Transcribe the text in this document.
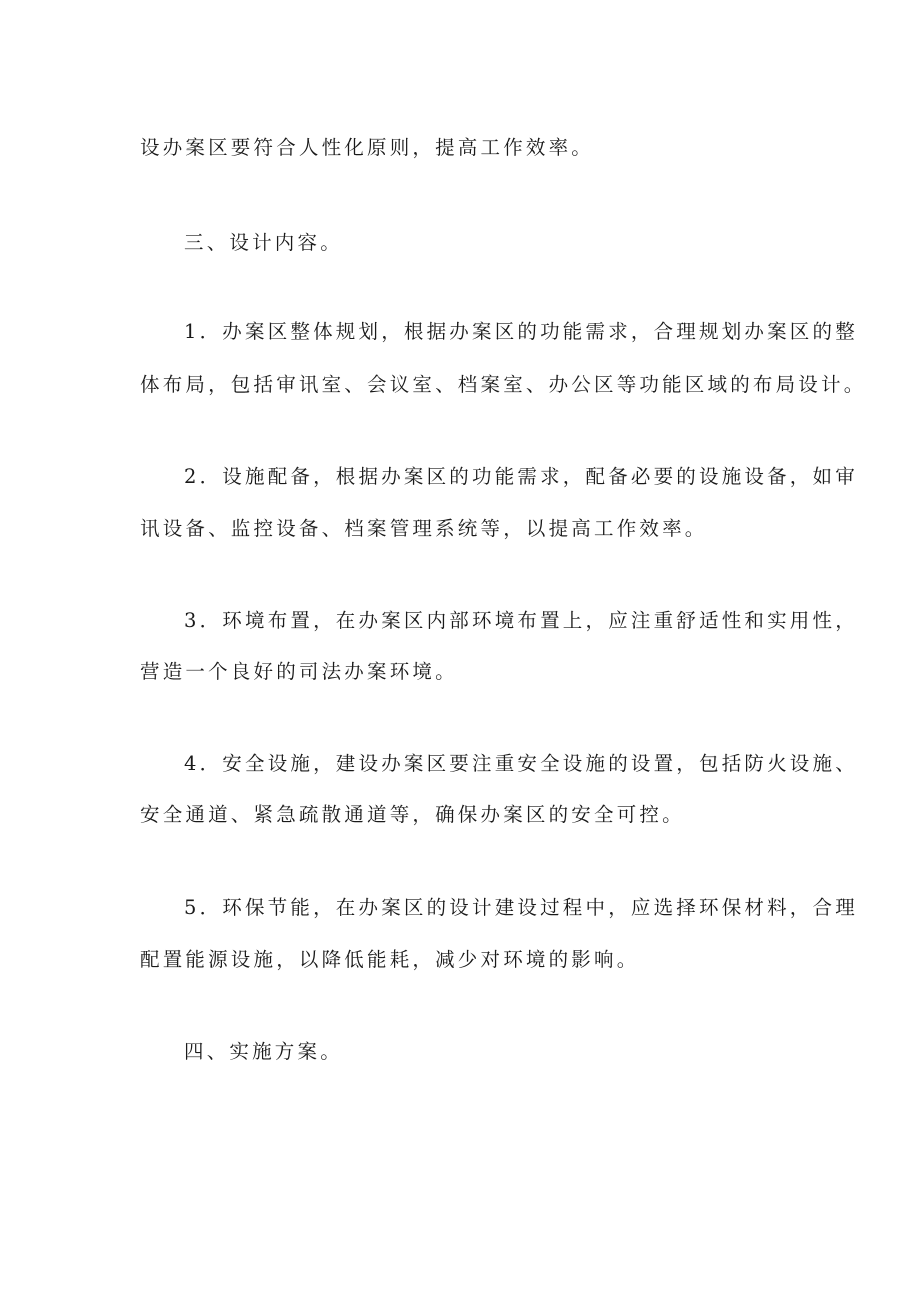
设办案区要符合人性化原则，提高工作效率。
三、设计内容。
1．办案区整体规划，根据办案区的功能需求，合理规划办案区的整
体布局，包括审讯室、会议室、档案室、办公区等功能区域的布局设计。
2．设施配备，根据办案区的功能需求，配备必要的设施设备，如审
讯设备、监控设备、档案管理系统等，以提高工作效率。
3．环境布置，在办案区内部环境布置上，应注重舒适性和实用性，
营造一个良好的司法办案环境。
4．安全设施，建设办案区要注重安全设施的设置，包括防火设施、
安全通道、紧急疏散通道等，确保办案区的安全可控。
5．环保节能，在办案区的设计建设过程中，应选择环保材料，合理
配置能源设施，以降低能耗，减少对环境的影响。
四、实施方案。
